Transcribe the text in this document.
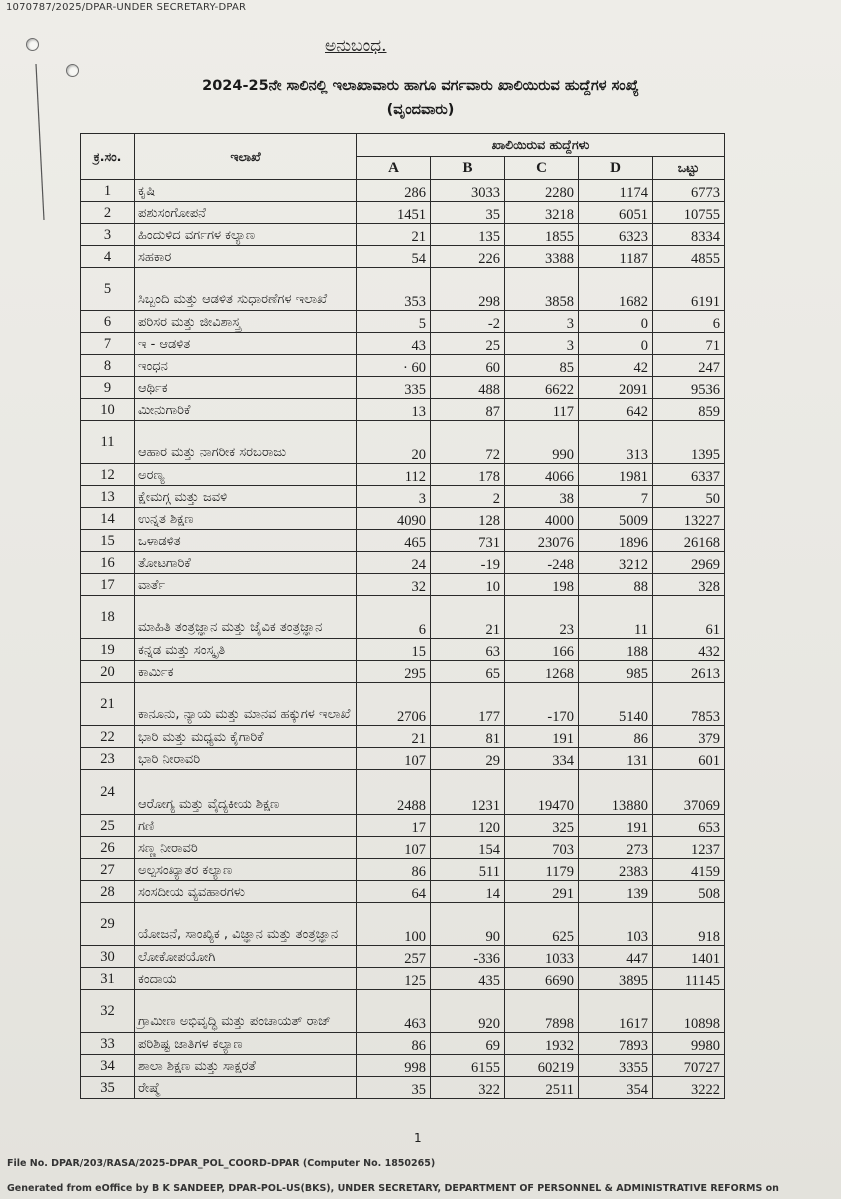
1070787/2025/DPAR-UNDER SECRETARY-DPAR
ಅನುಬಂಧ.
2024-25ನೇ ಸಾಲಿನಲ್ಲಿ ಇಲಾಖಾವಾರು ಹಾಗೂ ವರ್ಗವಾರು ಖಾಲಿಯಿರುವ ಹುದ್ದೆಗಳ ಸಂಖ್ಯೆ
(ವೃಂದವಾರು)
ಕ್ರ.ಸಂ.	ಇಲಾಖೆ	ಖಾಲಿಯಿರುವ ಹುದ್ದೆಗಳು				
		A	B	C	D	ಒಟ್ಟು
1	ಕೃಷಿ	286	3033	2280	1174	6773
2	ಪಶುಸಂಗೋಪನೆ	1451	35	3218	6051	10755
3	ಹಿಂದುಳಿದ ವರ್ಗಗಳ ಕಲ್ಯಾಣ	21	135	1855	6323	8334
4	ಸಹಕಾರ	54	226	3388	1187	4855
5	ಸಿಬ್ಬಂದಿ ಮತ್ತು ಆಡಳಿತ ಸುಧಾರಣೆಗಳ ಇಲಾಖೆ	353	298	3858	1682	6191
6	ಪರಿಸರ ಮತ್ತು ಜೀವಿಶಾಸ್ತ್ರ	5	-2	3	0	6
7	ಇ - ಆಡಳಿತ	43	25	3	0	71
8	ಇಂಧನ	· 60	60	85	42	247
9	ಆರ್ಥಿಕ	335	488	6622	2091	9536
10	ಮೀನುಗಾರಿಕೆ	13	87	117	642	859
11	ಆಹಾರ ಮತ್ತು ನಾಗರೀಕ ಸರಬರಾಜು	20	72	990	313	1395
12	ಅರಣ್ಯ	112	178	4066	1981	6337
13	ಕ್ಷೇಮಗ್ಗ ಮತ್ತು ಜವಳಿ	3	2	38	7	50
14	ಉನ್ನತ ಶಿಕ್ಷಣ	4090	128	4000	5009	13227
15	ಒಳಾಡಳಿತ	465	731	23076	1896	26168
16	ತೋಟಗಾರಿಕೆ	24	-19	-248	3212	2969
17	ವಾರ್ತೆ	32	10	198	88	328
18	ಮಾಹಿತಿ ತಂತ್ರಜ್ಞಾನ ಮತ್ತು ಜೈವಿಕ ತಂತ್ರಜ್ಞಾನ	6	21	23	11	61
19	ಕನ್ನಡ ಮತ್ತು ಸಂಸ್ಕೃತಿ	15	63	166	188	432
20	ಕಾರ್ಮಿಕ	295	65	1268	985	2613
21	ಕಾನೂನು, ನ್ಯಾಯ ಮತ್ತು ಮಾನವ ಹಕ್ಕುಗಳ ಇಲಾಖೆ	2706	177	-170	5140	7853
22	ಭಾರಿ ಮತ್ತು ಮಧ್ಯಮ ಕೈಗಾರಿಕೆ	21	81	191	86	379
23	ಭಾರಿ ನೀರಾವರಿ	107	29	334	131	601
24	ಆರೋಗ್ಯ ಮತ್ತು ವೈದ್ಯಕೀಯ ಶಿಕ್ಷಣ	2488	1231	19470	13880	37069
25	ಗಣಿ	17	120	325	191	653
26	ಸಣ್ಣ ನೀರಾವರಿ	107	154	703	273	1237
27	ಅಲ್ಪಸಂಖ್ಯಾತರ ಕಲ್ಯಾಣ	86	511	1179	2383	4159
28	ಸಂಸದೀಯ ವ್ಯವಹಾರಗಳು	64	14	291	139	508
29	ಯೋಜನೆ, ಸಾಂಖ್ಯಿಕ , ವಿಜ್ಞಾನ ಮತ್ತು ತಂತ್ರಜ್ಞಾನ	100	90	625	103	918
30	ಲೋಕೋಪಯೋಗಿ	257	-336	1033	447	1401
31	ಕಂದಾಯ	125	435	6690	3895	11145
32	ಗ್ರಾಮೀಣ ಅಭಿವೃದ್ಧಿ ಮತ್ತು ಪಂಚಾಯತ್ ರಾಜ್	463	920	7898	1617	10898
33	ಪರಿಶಿಷ್ಟ ಜಾತಿಗಳ ಕಲ್ಯಾಣ	86	69	1932	7893	9980
34	ಶಾಲಾ ಶಿಕ್ಷಣ ಮತ್ತು ಸಾಕ್ಷರತೆ	998	6155	60219	3355	70727
35	ರೇಷ್ಮೆ	35	322	2511	354	3222
1
File No. DPAR/203/RASA/2025-DPAR_POL_COORD-DPAR (Computer No. 1850265)
Generated from eOffice by B K SANDEEP, DPAR-POL-US(BKS), UNDER SECRETARY, DEPARTMENT OF PERSONNEL & ADMINISTRATIVE REFORMS on
